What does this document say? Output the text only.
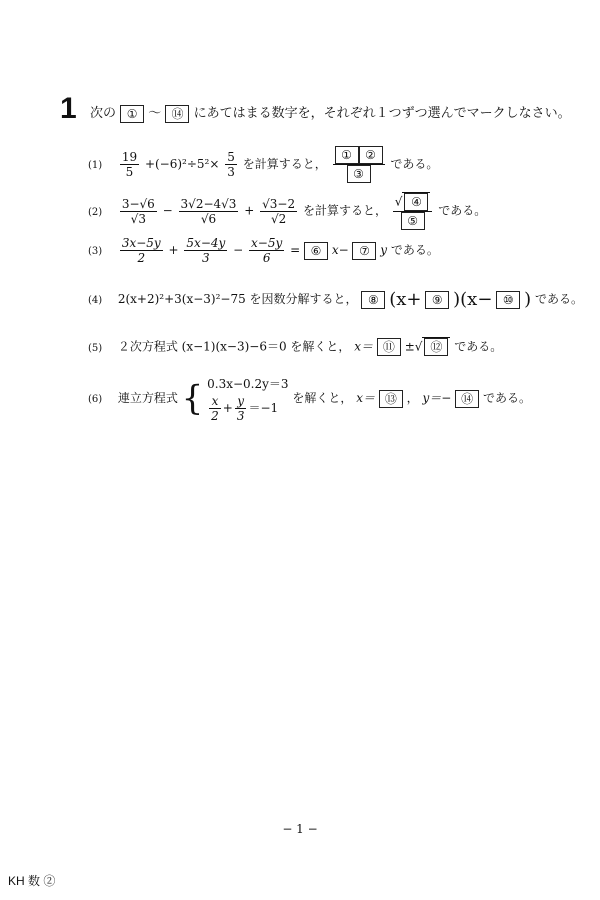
1 次の ① ～ ⑭ にあてはまる数字を，それぞれ１つずつ選んでマークしなさい。
$(1) \frac{19}{5} +(-6)^2\div 5^2\times \frac{5}{3}$ を計算すると， $\frac{\text{① ②}}{\text{③}}$ である。
$(2) \frac{3-√6}{√3} - \frac{3√2-4√3}{√6} + \frac{√3-2}{√2}$ を計算すると， $\frac{\text{√ ④}}{\text{⑤}}$ である。
$(3) \frac{3x-5y}{2} + \frac{5x-4y}{3} - \frac{x-5y}{6}$ = ⑥ x− ⑦ y である。
(4) 2(x+2)²+3(x−3)²−75 を因数分解すると， ⑧ (x+ ⑨ )(x− ⑩ ) である。
(5) ２次方程式 (x−1)(x−3)−6＝0 を解くと， x＝ ⑪ ±√ ⑫ である。
(6) 連立方程式 { 0.3x−0.2y＝3
$\frac{x}{2} + \frac{y}{3} =-1$
を解くと， x＝ ⑬ ， y＝− ⑭ である。
− 1 −
KH 数 ②
